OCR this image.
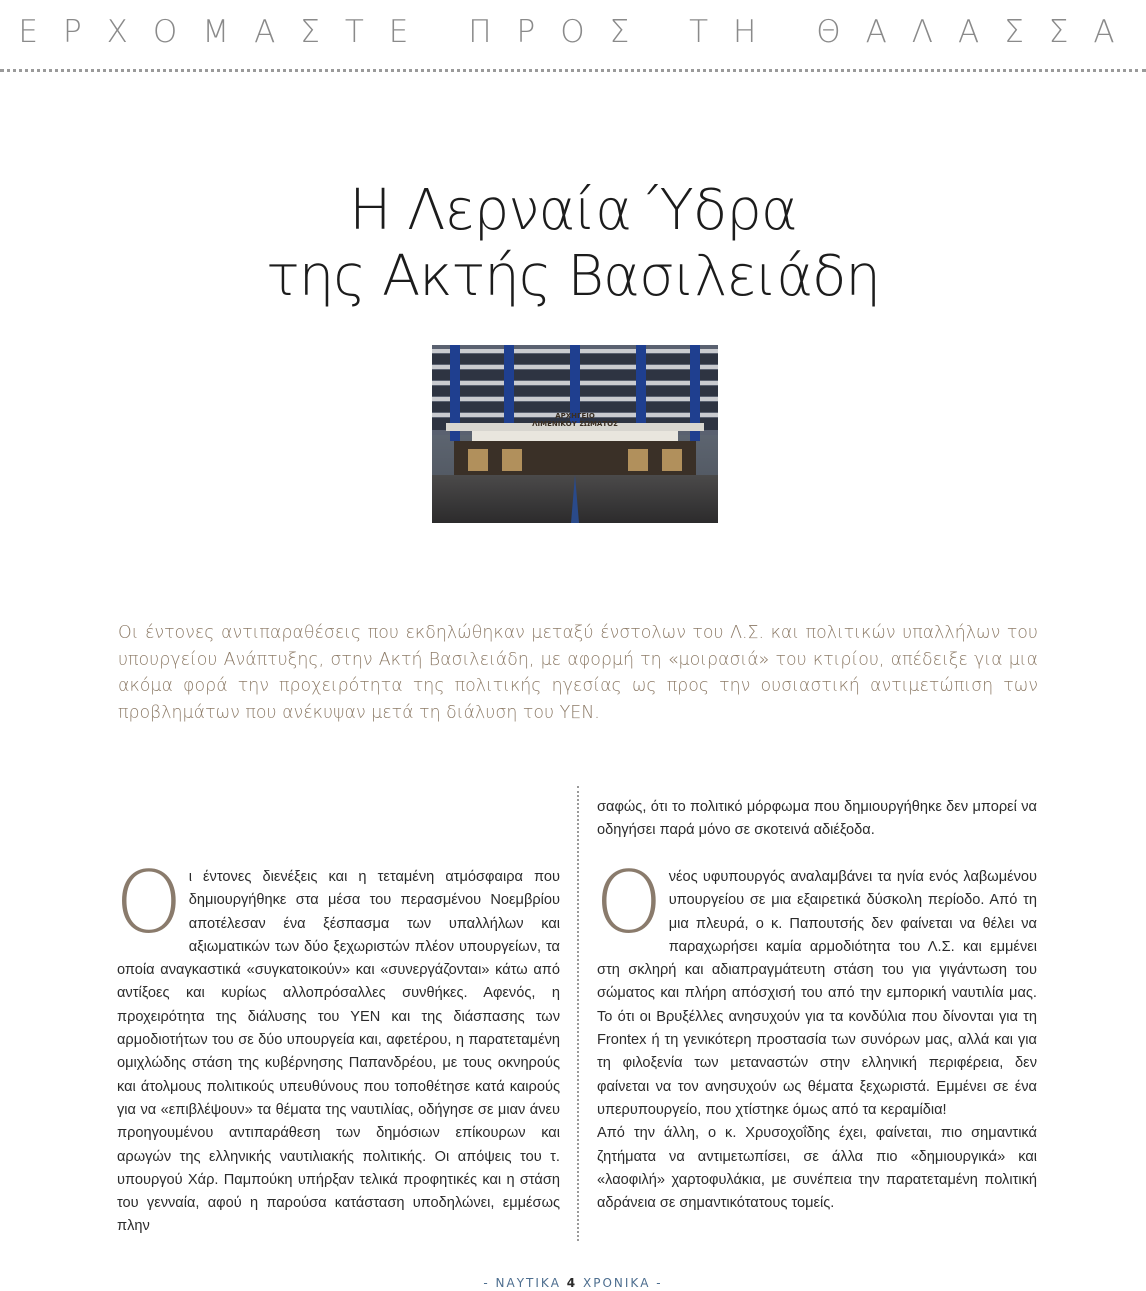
ΕΡΧΟΜΑΣΤΕ ΠΡΟΣ ΤΗ ΘΑΛΑΣΣΑ
Η Λερναία Ύδρα
της Ακτής Βασιλειάδη
ΑΡΧΗΓΕΙΟ
ΛΙΜΕΝΙΚΟΥ ΣΩΜΑΤΟΣ
Οι έντονες αντιπαραθέσεις που εκδηλώθηκαν μεταξύ ένστολων του Λ.Σ. και πολιτικών υπαλλήλων του υπουργείου Ανάπτυξης, στην Ακτή Βασιλειάδη, με αφορμή τη «μοιρασιά» του κτιρίου, απέδειξε για μια ακόμα φορά την προχειρότητα της πολιτικής ηγεσίας ως προς την ουσιαστική αντιμετώπιση των προβλημάτων που ανέκυψαν μετά τη διάλυση του ΥΕΝ.

Οι έντονες διενέξεις και η τεταμένη ατμόσφαιρα που δημιουργήθηκε στα μέσα του περασμένου Νοεμβρίου αποτέλεσαν ένα ξέσπασμα των υπαλλήλων και αξιωματικών των δύο ξεχωριστών πλέον υπουργείων, τα οποία αναγκαστικά «συγκατοικούν» και «συνεργάζονται» κάτω από αντίξοες και κυρίως αλλοπρόσαλλες συνθήκες. Αφενός, η προχειρότητα της διάλυσης του ΥΕΝ και της διάσπασης των αρμοδιοτήτων του σε δύο υπουργεία και, αφετέρου, η παρατεταμένη ομιχλώδης στάση της κυβέρνησης Παπανδρέου, με τους οκνηρούς και άτολμους πολιτικούς υπευθύνους που τοποθέτησε κατά καιρούς για να «επιβλέψουν» τα θέματα της ναυτιλίας, οδήγησε σε μιαν άνευ προηγουμένου αντιπαράθεση των δημόσιων επίκουρων και αρωγών της ελληνικής ναυτιλιακής πολιτικής. Οι απόψεις του τ. υπουργού Χάρ. Παμπούκη υπήρξαν τελικά προφητικές και η στάση του γενναία, αφού η παρούσα κατάσταση υποδηλώνει, εμμέσως πλην

σαφώς, ότι το πολιτικό μόρφωμα που δημιουργήθηκε δεν μπορεί να οδηγήσει παρά μόνο σε σκοτεινά αδιέξοδα.

Ονέος υφυπουργός αναλαμβάνει τα ηνία ενός λαβωμένου υπουργείου σε μια εξαιρετικά δύσκολη περίοδο. Από τη μια πλευρά, ο κ. Παπουτσής δεν φαίνεται να θέλει να παραχωρήσει καμία αρμοδιότητα του Λ.Σ. και εμμένει στη σκληρή και αδιαπραγμάτευτη στάση του για γιγάντωση του σώματος και πλήρη απόσχισή του από την εμπορική ναυτιλία μας. Το ότι οι Βρυξέλλες ανησυχούν για τα κονδύλια που δίνονται για τη Frontex ή τη γενικότερη προστασία των συνόρων μας, αλλά και για τη φιλοξενία των μεταναστών στην ελληνική περιφέρεια, δεν φαίνεται να τον ανησυχούν ως θέματα ξεχωριστά. Εμμένει σε ένα υπερυπουργείο, που χτίστηκε όμως από τα κεραμίδια!

Από την άλλη, ο κ. Χρυσοχοΐδης έχει, φαίνεται, πιο σημαντικά ζητήματα να αντιμετωπίσει, σε άλλα πιο «δημιουργικά» και «λαοφιλή» χαρτοφυλάκια, με συνέπεια την παρατεταμένη πολιτική αδράνεια σε σημαντικότατους τομείς.

- ΝΑΥΤΙΚΑ 4 ΧΡΟΝΙΚΑ -
